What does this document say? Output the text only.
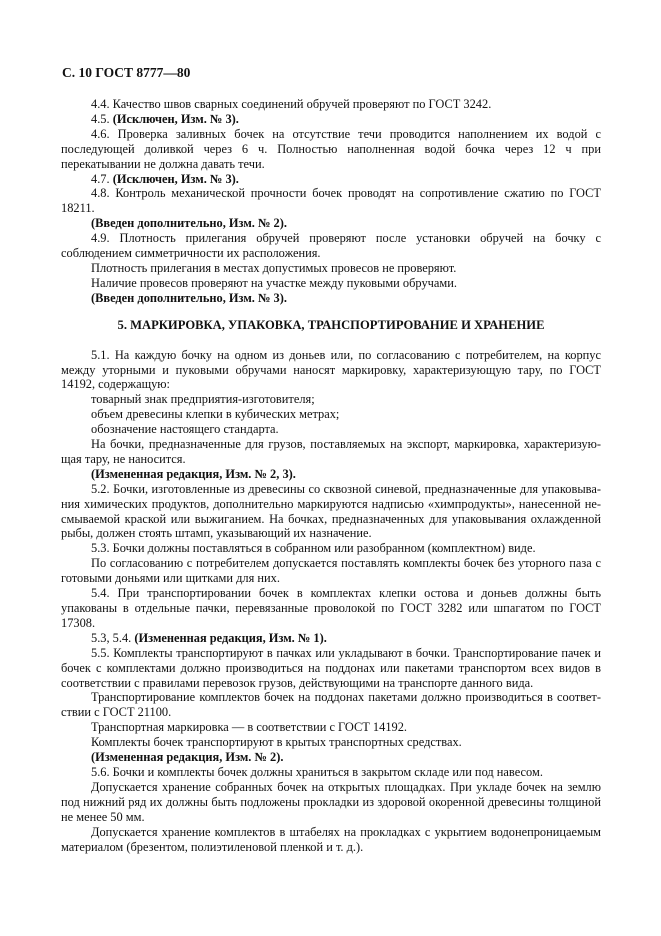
С. 10 ГОСТ 8777—80

4.4. Качество швов сварных соединений обручей проверяют по ГОСТ 3242.

4.5. (Исключен, Изм. № 3).

4.6. Проверка заливных бочек на отсутствие течи проводится наполнением их водой с последующей доливкой через 6 ч. Полностью наполненная водой бочка через 12 ч при перекатывании не должна давать течи.

4.7. (Исключен, Изм. № 3).

4.8. Контроль механической прочности бочек проводят на сопротивление сжатию по ГОСТ 18211.

(Введен дополнительно, Изм. № 2).

4.9. Плотность прилегания обручей проверяют после установки обручей на бочку с соблюдением симметричности их расположения.

Плотность прилегания в местах допустимых провесов не проверяют.

Наличие провесов проверяют на участке между пуковыми обручами.

(Введен дополнительно, Изм. № 3).

5. МАРКИРОВКА, УПАКОВКА, ТРАНСПОРТИРОВАНИЕ И ХРАНЕНИЕ

5.1. На каждую бочку на одном из доньев или, по согласованию с потребителем, на корпус между уторными и пуковыми обручами наносят маркировку, характеризующую тару, по ГОСТ 14192, содержащую:

товарный знак предприятия-изготовителя;

объем древесины клепки в кубических метрах;

обозначение настоящего стандарта.

На бочки, предназначенные для грузов, поставляемых на экспорт, маркировка, характеризующая тару, не наносится.

(Измененная редакция, Изм. № 2, 3).

5.2. Бочки, изготовленные из древесины со сквозной синевой, предназначенные для упаковывания химических продуктов, дополнительно маркируются надписью «химпродукты», нанесенной несмываемой краской или выжиганием. На бочках, предназначенных для упаковывания охлажденной рыбы, должен стоять штамп, указывающий их назначение.

5.3. Бочки должны поставляться в собранном или разобранном (комплектном) виде.

По согласованию с потребителем допускается поставлять комплекты бочек без уторного паза с готовыми доньями или щитками для них.

5.4. При транспортировании бочек в комплектах клепки остова и доньев должны быть упакованы в отдельные пачки, перевязанные проволокой по ГОСТ 3282 или шпагатом по ГОСТ 17308.

5.3, 5.4. (Измененная редакция, Изм. № 1).

5.5. Комплекты транспортируют в пачках или укладывают в бочки. Транспортирование пачек и бочек с комплектами должно производиться на поддонах или пакетами транспортом всех видов в соответствии с правилами перевозок грузов, действующими на транспорте данного вида.

Транспортирование комплектов бочек на поддонах пакетами должно производиться в соответствии с ГОСТ 21100.

Транспортная маркировка — в соответствии с ГОСТ 14192.

Комплекты бочек транспортируют в крытых транспортных средствах.

(Измененная редакция, Изм. № 2).

5.6. Бочки и комплекты бочек должны храниться в закрытом складе или под навесом.

Допускается хранение собранных бочек на открытых площадках. При укладе бочек на землю под нижний ряд их должны быть подложены прокладки из здоровой окоренной древесины толщиной не менее 50 мм.

Допускается хранение комплектов в штабелях на прокладках с укрытием водонепроницаемым материалом (брезентом, полиэтиленовой пленкой и т. д.).
